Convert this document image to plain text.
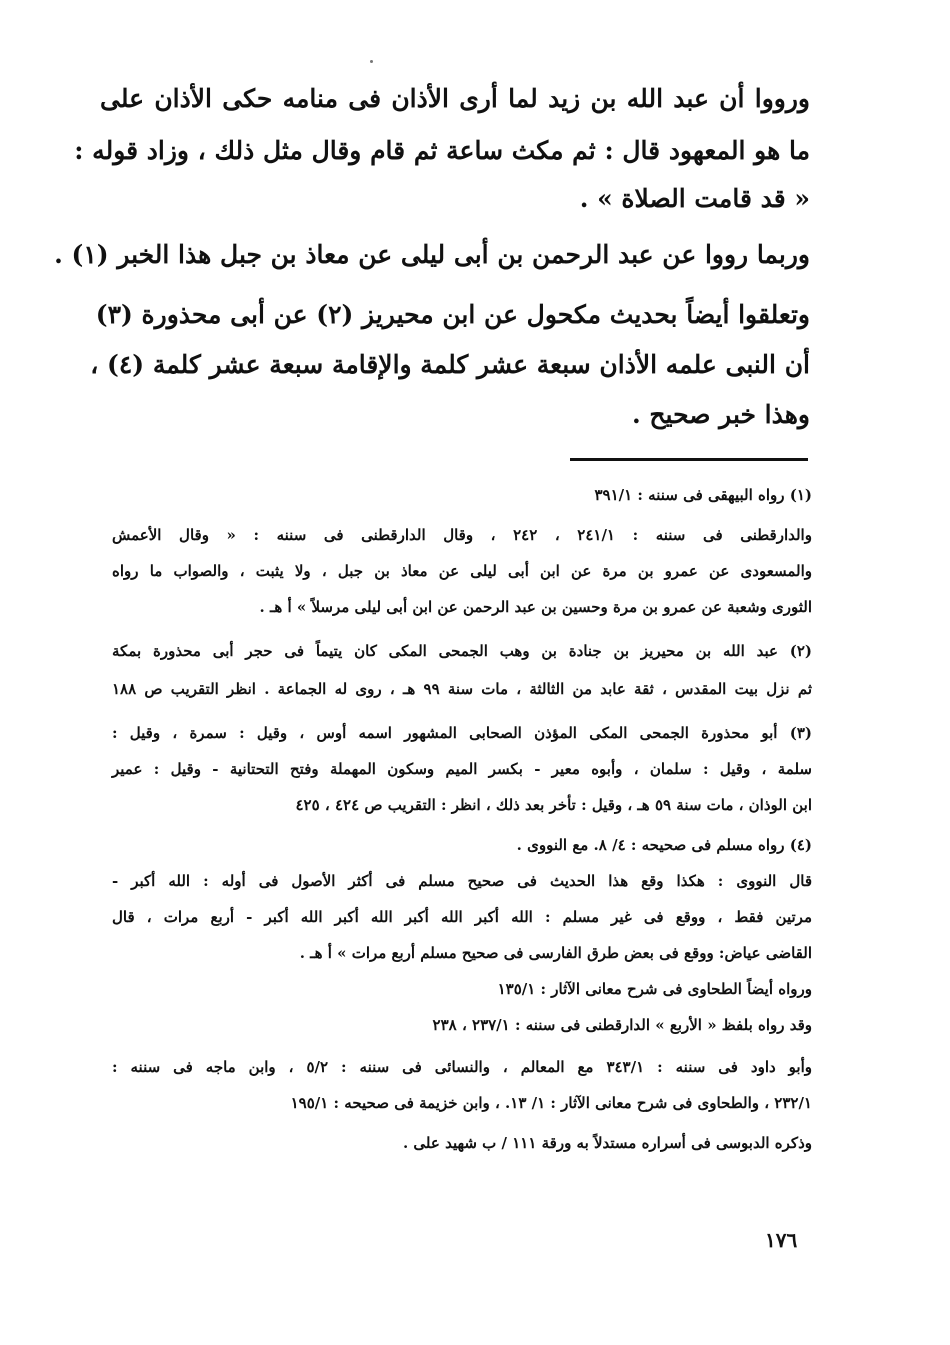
ورووا أن عبد الله بن زيد لما أرى الأذان فى منامه حكى الأذان على
ما هو المعهود قال : ثم مكث ساعة ثم قام وقال مثل ذلك ، وزاد قوله :
« قد قامت الصلاة » .
وربما رووا عن عبد الرحمن بن أبى ليلى عن معاذ بن جبل هذا الخبر (١) .
وتعلقوا أيضاً بحديث مكحول عن ابن محيريز (٢) عن أبى محذورة (٣)
أن النبى علمه الأذان سبعة عشر كلمة والإقامة سبعة عشر كلمة (٤) ،
وهذا خبر صحيح .
(١) رواه البيهقى فى سننه : ٣٩١/١
والدارقطنى فى سننه : ٢٤١/١ ، ٢٤٢ ، وقال الدارقطنى فى سننه : « وقال الأعمش
والمسعودى عن عمرو بن مرة عن ابن أبى ليلى عن معاذ بن جبل ، ولا يثبت ، والصواب ما رواه
الثورى وشعبة عن عمرو بن مرة وحسين بن عبد الرحمن عن ابن أبى ليلى مرسلاً » أ هـ .
(٢) عبد الله بن محيريز بن جنادة بن وهب الجمحى المكى كان يتيماً فى حجر أبى محذورة بمكة
ثم نزل بيت المقدس ، ثقة عابد من الثالثة ، مات سنة ٩٩ هـ ، روى له الجماعة . انظر التقريب ص ١٨٨
(٣) أبو محذورة الجمحى المكى المؤذن الصحابى المشهور اسمه أوس ، وقيل : سمرة ، وقيل :
سلمة ، وقيل : سلمان ، وأبوه معير - بكسر الميم وسكون المهملة وفتح التحتانية - وقيل : عمير
ابن الوذان ، مات سنة ٥٩ هـ ، وقيل : تأخر بعد ذلك ، انظر : التقريب ص ٤٢٤ ، ٤٢٥
(٤) رواه مسلم فى صحيحه : ٤/ ٨. مع النووى .
قال النووى : هكذا وقع هذا الحديث فى صحيح مسلم فى أكثر الأصول فى أوله : الله أكبر -
مرتين فقط ، ووقع فى غير مسلم : الله أكبر الله أكبر الله أكبر الله أكبر - أربع مرات ، قال
القاضى عياض: ووقع فى بعض طرق الفارسى فى صحيح مسلم أربع مرات » أ هـ .
ورواه أيضاً الطحاوى فى شرح معانى الآثار : ١٣٥/١
وقد رواه بلفظ « الأربع » الدارقطنى فى سننه : ٢٣٧/١ ، ٢٣٨
وأبو داود فى سننه : ٣٤٣/١ مع المعالم ، والنسائى فى سننه : ٥/٢ ، وابن ماجه فى سننه :
٢٣٢/١ ، والطحاوى فى شرح معانى الآثار : ١/ ١٣. ، وابن خزيمة فى صحيحه : ١٩٥/١
وذكره الدبوسى فى أسراره مستدلاً به ورقة ١١١ / ب شهيد على .
١٧٦
